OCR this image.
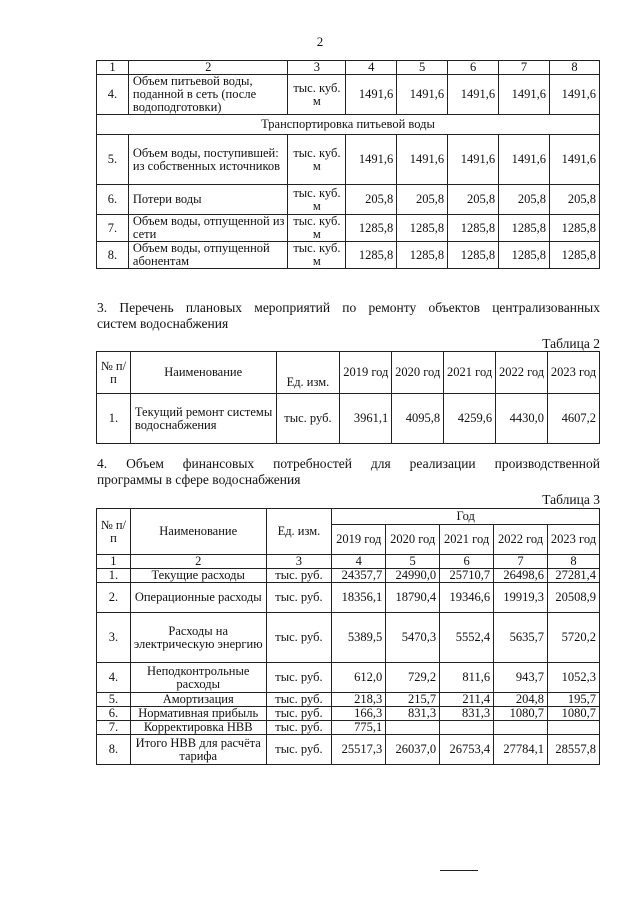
2
1	2	3	4	5	6	7	8
4.	Объем питьевой воды, поданной в сеть (после водоподготовки)	тыс. куб. м	1491,6	1491,6	1491,6	1491,6	1491,6
Транспортировка питьевой воды							
5.	Объем воды, поступившей: из собственных источников	тыс. куб. м	1491,6	1491,6	1491,6	1491,6	1491,6
6.	Потери воды	тыс. куб. м	205,8	205,8	205,8	205,8	205,8
7.	Объем воды, отпущенной из сети	тыс. куб. м	1285,8	1285,8	1285,8	1285,8	1285,8
8.	Объем воды, отпущенной абонентам	тыс. куб. м	1285,8	1285,8	1285,8	1285,8	1285,8
3. Перечень плановых мероприятий по ремонту объектов централизованных
систем водоснабжения
Таблица 2
№ п/п	Наименование	Ед. изм.	2019 год	2020 год	2021 год	2022 год	2023 год
1.	Текущий ремонт системы водоснабжения	тыс. руб.	3961,1	4095,8	4259,6	4430,0	4607,2
4. Объем финансовых потребностей для реализации производственной
программы в сфере водоснабжения
Таблица 3
№ п/п	Наименование	Ед. изм.	Год				
			2019 год	2020 год	2021 год	2022 год	2023 год
1	2	3	4	5	6	7	8
1.	Текущие расходы	тыс. руб.	24357,7	24990,0	25710,7	26498,6	27281,4
2.	Операционные расходы	тыс. руб.	18356,1	18790,4	19346,6	19919,3	20508,9
3.	Расходы на электрическую энергию	тыс. руб.	5389,5	5470,3	5552,4	5635,7	5720,2
4.	Неподконтрольные расходы	тыс. руб.	612,0	729,2	811,6	943,7	1052,3
5.	Амортизация	тыс. руб.	218,3	215,7	211,4	204,8	195,7
6.	Нормативная прибыль	тыс. руб.	166,3	831,3	831,3	1080,7	1080,7
7.	Корректировка НВВ	тыс. руб.	775,1				
8.	Итого НВВ для расчёта тарифа	тыс. руб.	25517,3	26037,0	26753,4	27784,1	28557,8
